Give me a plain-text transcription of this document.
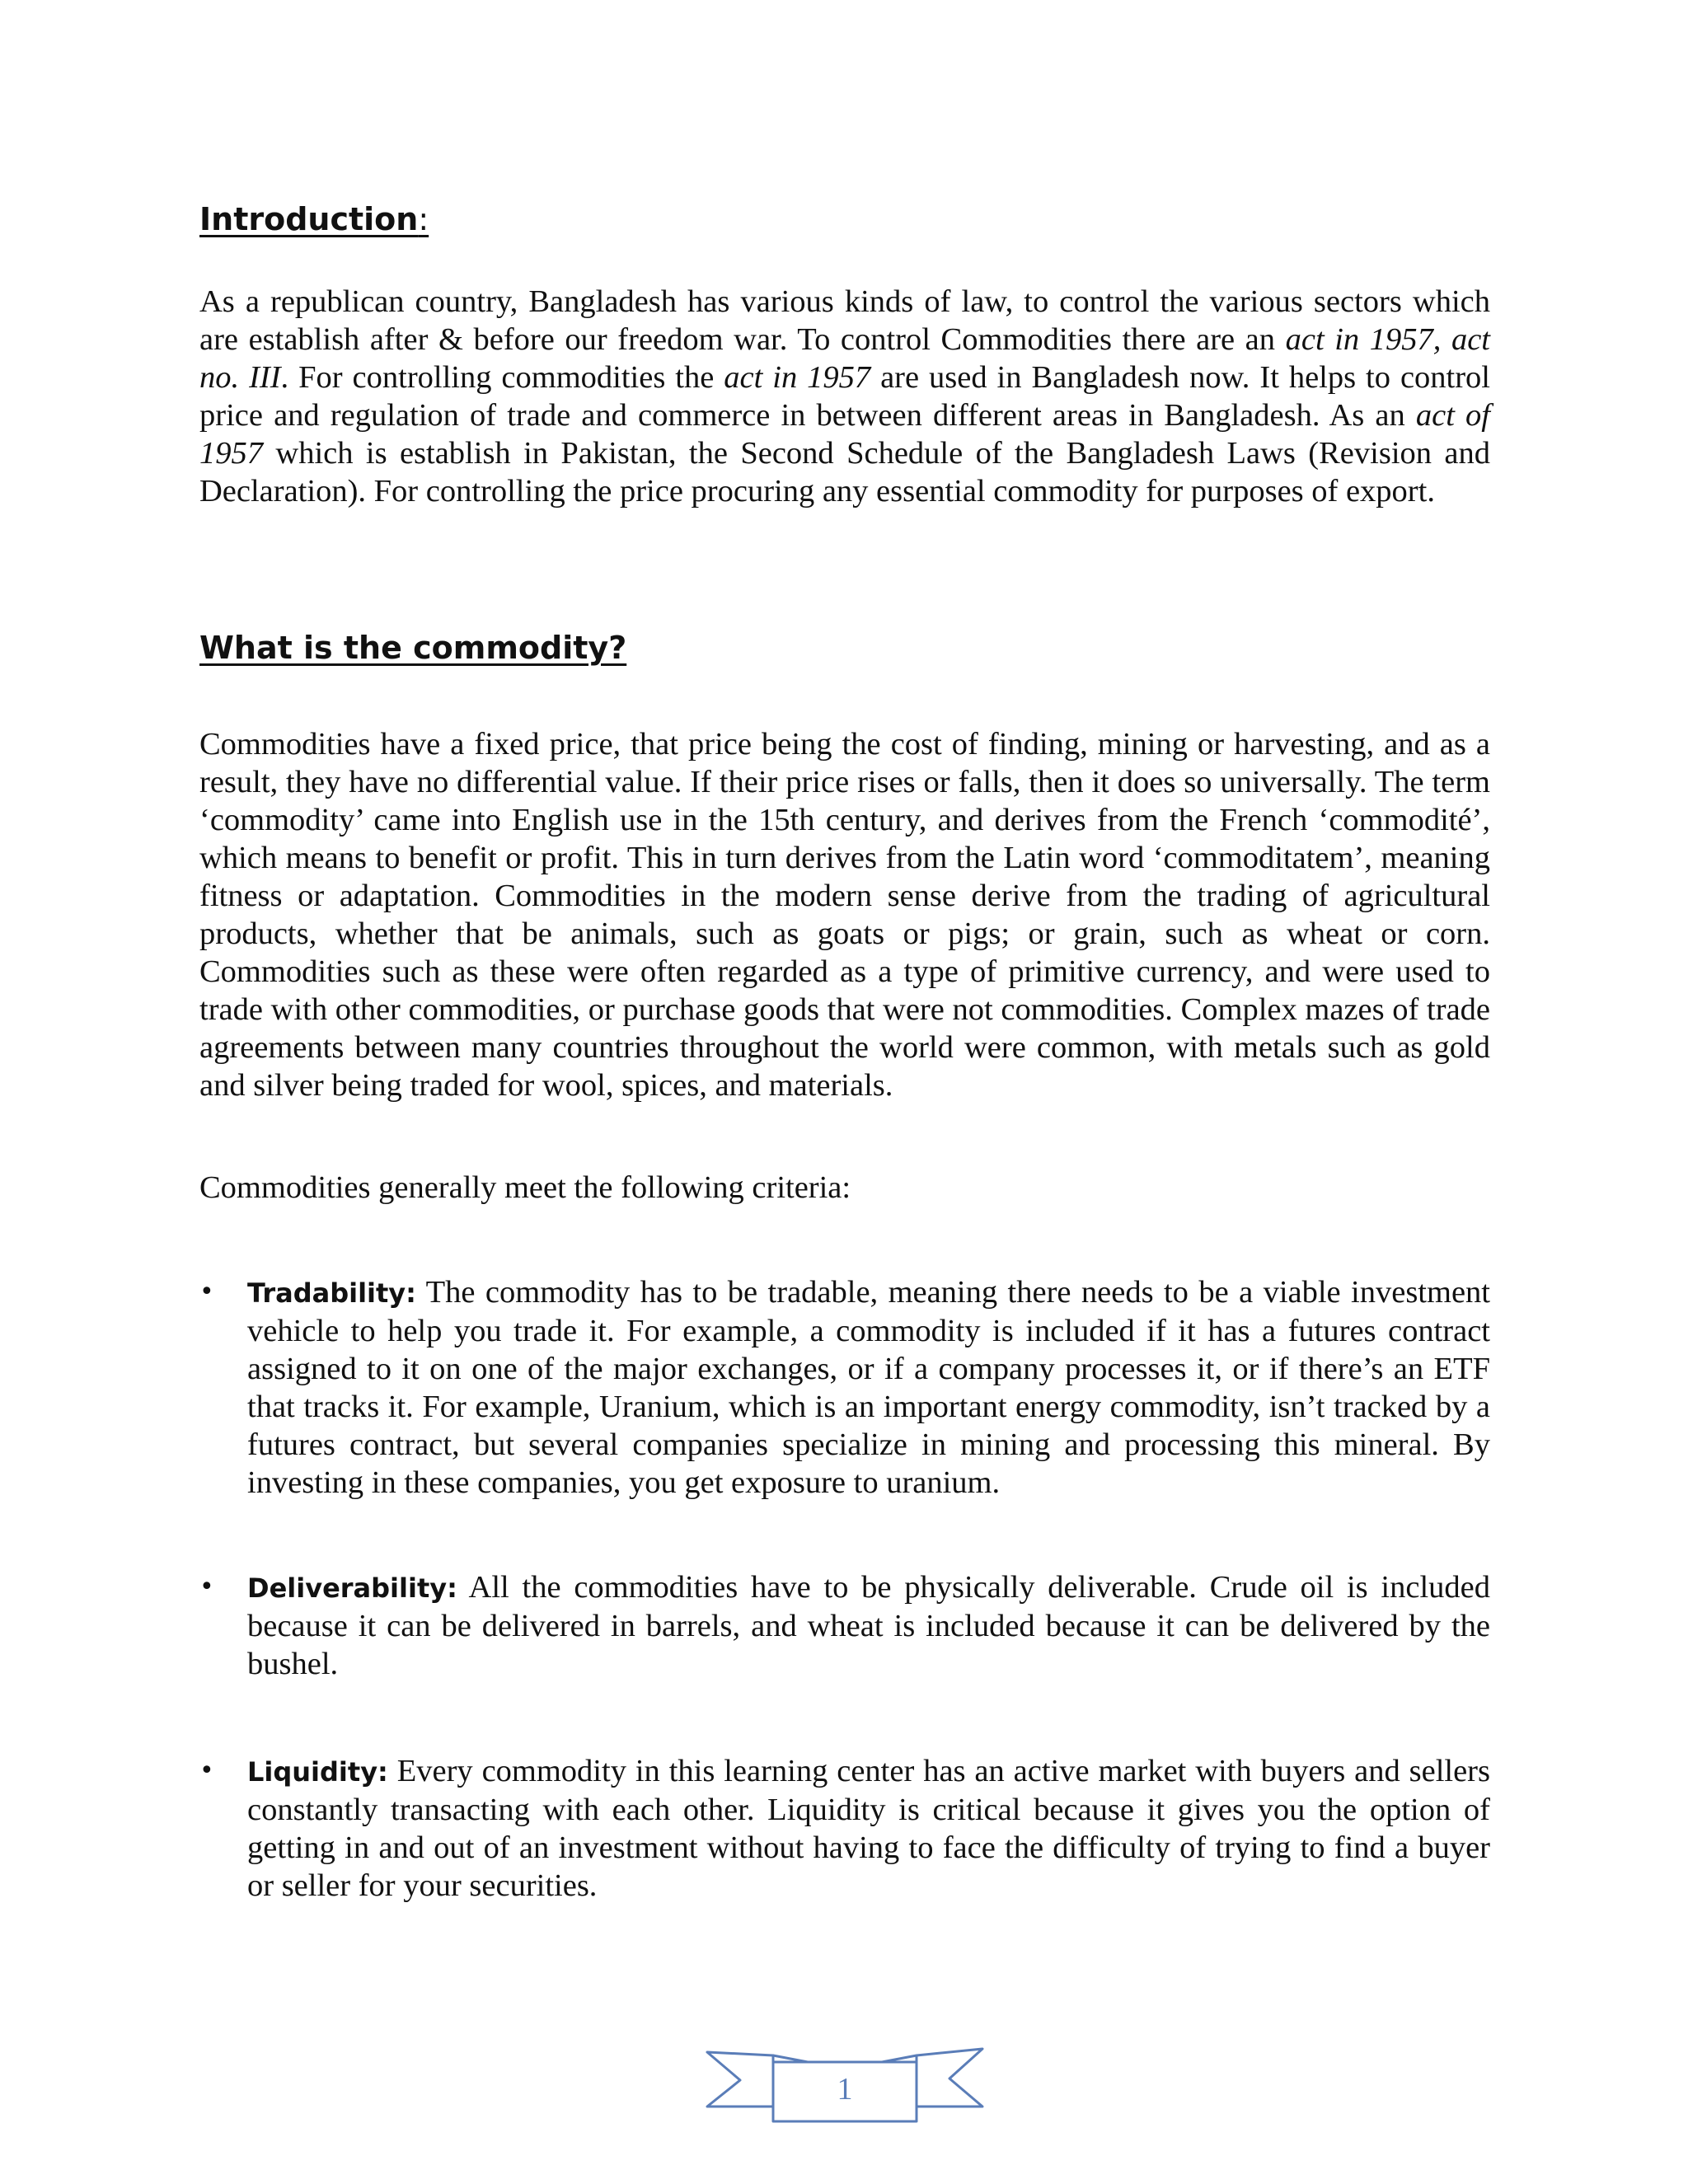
Introduction:

As a republican country, Bangladesh has various kinds of law, to control the various sectors which are establish after & before our freedom war. To control Commodities there are an act in 1957, act no. III. For controlling commodities the act in 1957 are used in Bangladesh now. It helps to control price and regulation of trade and commerce in between different areas in Bangladesh. As an act of 1957 which is establish in Pakistan, the Second Schedule of the Bangladesh Laws (Revision and Declaration). For controlling the price procuring any essential commodity for purposes of export.

What is the commodity?

Commodities have a fixed price, that price being the cost of finding, mining or harvesting, and as a result, they have no differential value. If their price rises or falls, then it does so universally. The term ‘commodity’ came into English use in the 15th century, and derives from the French ‘commodité’, which means to benefit or profit. This in turn derives from the Latin word ‘commoditatem’, meaning fitness or adaptation. Commodities in the modern sense derive from the trading of agricultural products, whether that be animals, such as goats or pigs; or grain, such as wheat or corn. Commodities such as these were often regarded as a type of primitive currency, and were used to trade with other commodities, or purchase goods that were not commodities. Complex mazes of trade agreements between many countries throughout the world were common, with metals such as gold and silver being traded for wool, spices, and materials.

Commodities generally meet the following criteria:

• Tradability: The commodity has to be tradable, meaning there needs to be a viable investment vehicle to help you trade it. For example, a commodity is included if it has a futures contract assigned to it on one of the major exchanges, or if a company processes it, or if there’s an ETF that tracks it. For example, Uranium, which is an important energy commodity, isn’t tracked by a futures contract, but several companies specialize in mining and processing this mineral. By investing in these companies, you get exposure to uranium.

• Deliverability: All the commodities have to be physically deliverable. Crude oil is included because it can be delivered in barrels, and wheat is included because it can be delivered by the bushel.

• Liquidity: Every commodity in this learning center has an active market with buyers and sellers constantly transacting with each other. Liquidity is critical because it gives you the option of getting in and out of an investment without having to face the difficulty of trying to find a buyer or seller for your securities.

1
